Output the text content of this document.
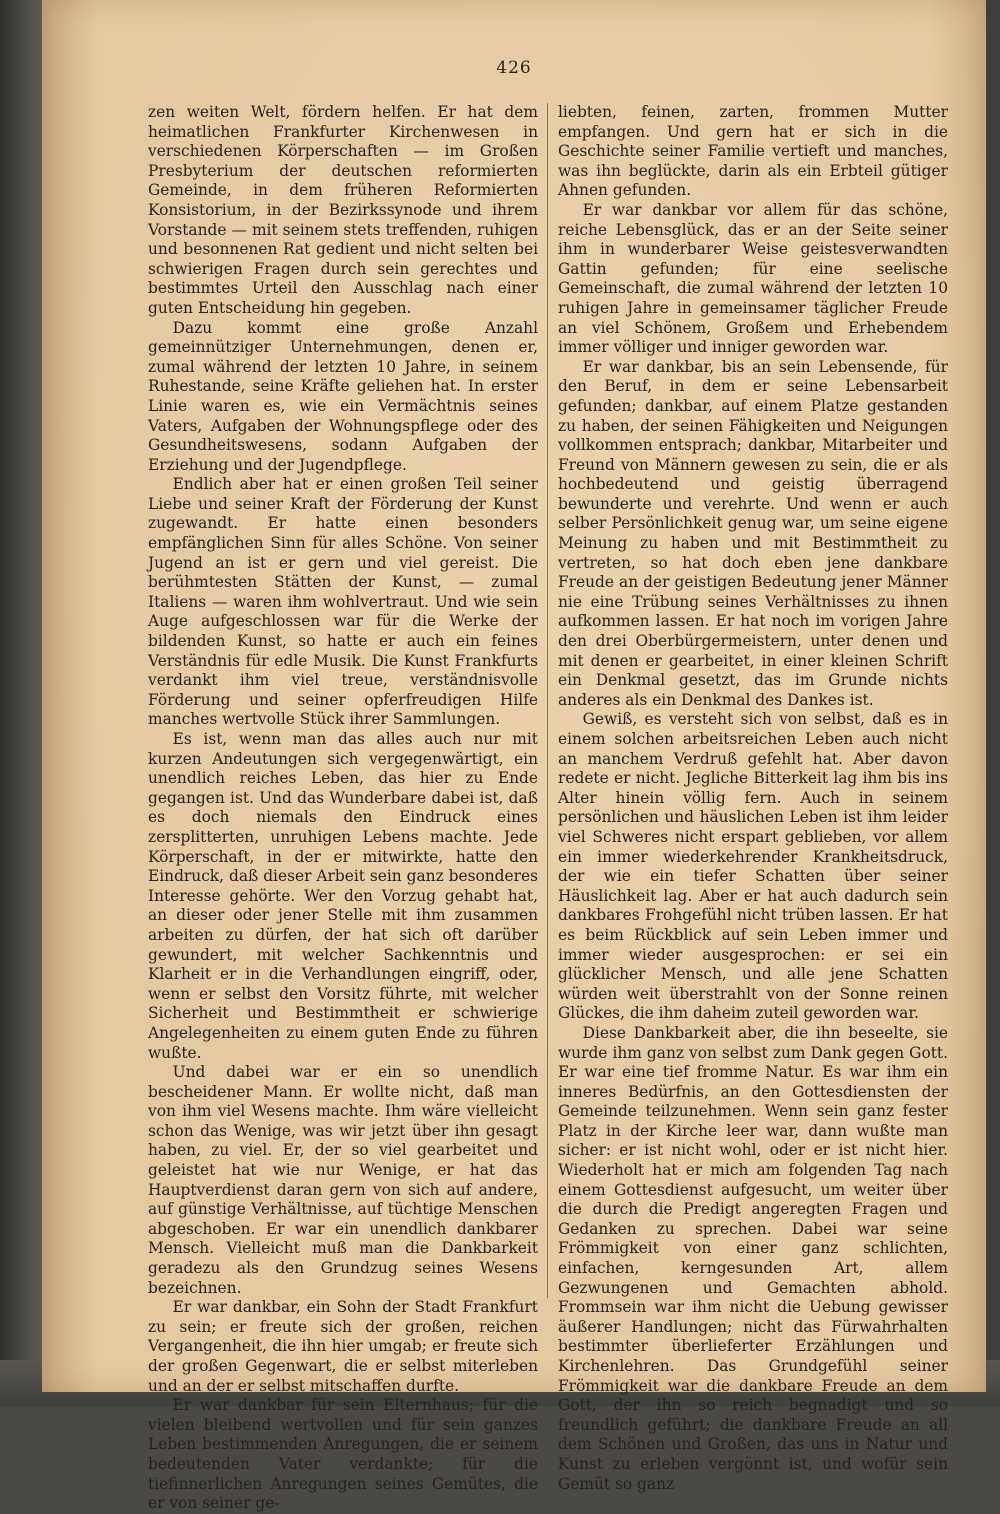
426

zen weiten Welt, fördern helfen. Er hat dem heimatlichen Frankfurter Kirchenwesen in verschiedenen Körperschaften — im Großen Presbyterium der deutschen reformierten Gemeinde, in dem früheren Reformierten Konsistorium, in der Bezirkssynode und ihrem Vorstande — mit seinem stets treffenden, ruhigen und besonnenen Rat gedient und nicht selten bei schwierigen Fragen durch sein gerechtes und bestimmtes Urteil den Ausschlag nach einer guten Entscheidung hin gegeben.

Dazu kommt eine große Anzahl gemeinnütziger Unternehmungen, denen er, zumal während der letzten 10 Jahre, in seinem Ruhestande, seine Kräfte geliehen hat. In erster Linie waren es, wie ein Vermächtnis seines Vaters, Aufgaben der Wohnungspflege oder des Gesundheitswesens, sodann Aufgaben der Erziehung und der Jugendpflege.

Endlich aber hat er einen großen Teil seiner Liebe und seiner Kraft der Förderung der Kunst zugewandt. Er hatte einen besonders empfänglichen Sinn für alles Schöne. Von seiner Jugend an ist er gern und viel gereist. Die berühmtesten Stätten der Kunst, — zumal Italiens — waren ihm wohlvertraut. Und wie sein Auge aufgeschlossen war für die Werke der bildenden Kunst, so hatte er auch ein feines Verständnis für edle Musik. Die Kunst Frankfurts verdankt ihm viel treue, verständnisvolle Förderung und seiner opferfreudigen Hilfe manches wertvolle Stück ihrer Sammlungen.

Es ist, wenn man das alles auch nur mit kurzen Andeutungen sich vergegenwärtigt, ein unendlich reiches Leben, das hier zu Ende gegangen ist. Und das Wunderbare dabei ist, daß es doch niemals den Eindruck eines zersplitterten, unruhigen Lebens machte. Jede Körperschaft, in der er mitwirkte, hatte den Eindruck, daß dieser Arbeit sein ganz besonderes Interesse gehörte. Wer den Vorzug gehabt hat, an dieser oder jener Stelle mit ihm zusammen arbeiten zu dürfen, der hat sich oft darüber gewundert, mit welcher Sachkenntnis und Klarheit er in die Verhandlungen eingriff, oder, wenn er selbst den Vorsitz führte, mit welcher Sicherheit und Bestimmtheit er schwierige Angelegenheiten zu einem guten Ende zu führen wußte.

Und dabei war er ein so unendlich bescheidener Mann. Er wollte nicht, daß man von ihm viel Wesens machte. Ihm wäre vielleicht schon das Wenige, was wir jetzt über ihn gesagt haben, zu viel. Er, der so viel gearbeitet und geleistet hat wie nur Wenige, er hat das Hauptverdienst daran gern von sich auf andere, auf günstige Verhältnisse, auf tüchtige Menschen abgeschoben. Er war ein unendlich dankbarer Mensch. Vielleicht muß man die Dankbarkeit geradezu als den Grundzug seines Wesens bezeichnen.

Er war dankbar, ein Sohn der Stadt Frankfurt zu sein; er freute sich der großen, reichen Vergangenheit, die ihn hier umgab; er freute sich der großen Gegenwart, die er selbst miterleben und an der er selbst mitschaffen durfte.

Er war dankbar für sein Elternhaus; für die vielen bleibend wertvollen und für sein ganzes Leben bestimmenden Anregungen, die er seinem bedeutenden Vater verdankte; für die tiefinnerlichen Anregungen seines Gemütes, die er von seiner ge-

liebten, feinen, zarten, frommen Mutter empfangen. Und gern hat er sich in die Geschichte seiner Familie vertieft und manches, was ihn beglückte, darin als ein Erbteil gütiger Ahnen gefunden.

Er war dankbar vor allem für das schöne, reiche Lebensglück, das er an der Seite seiner ihm in wunderbarer Weise geistesverwandten Gattin gefunden; für eine seelische Gemeinschaft, die zumal während der letzten 10 ruhigen Jahre in gemeinsamer täglicher Freude an viel Schönem, Großem und Erhebendem immer völliger und inniger geworden war.

Er war dankbar, bis an sein Lebensende, für den Beruf, in dem er seine Lebensarbeit gefunden; dankbar, auf einem Platze gestanden zu haben, der seinen Fähigkeiten und Neigungen vollkommen entsprach; dankbar, Mitarbeiter und Freund von Männern gewesen zu sein, die er als hochbedeutend und geistig überragend bewunderte und verehrte. Und wenn er auch selber Persönlichkeit genug war, um seine eigene Meinung zu haben und mit Bestimmtheit zu vertreten, so hat doch eben jene dankbare Freude an der geistigen Bedeutung jener Männer nie eine Trübung seines Verhältnisses zu ihnen aufkommen lassen. Er hat noch im vorigen Jahre den drei Oberbürgermeistern, unter denen und mit denen er gearbeitet, in einer kleinen Schrift ein Denkmal gesetzt, das im Grunde nichts anderes als ein Denkmal des Dankes ist.

Gewiß, es versteht sich von selbst, daß es in einem solchen arbeitsreichen Leben auch nicht an manchem Verdruß gefehlt hat. Aber davon redete er nicht. Jegliche Bitterkeit lag ihm bis ins Alter hinein völlig fern. Auch in seinem persönlichen und häuslichen Leben ist ihm leider viel Schweres nicht erspart geblieben, vor allem ein immer wiederkehrender Krankheitsdruck, der wie ein tiefer Schatten über seiner Häuslichkeit lag. Aber er hat auch dadurch sein dankbares Frohgefühl nicht trüben lassen. Er hat es beim Rückblick auf sein Leben immer und immer wieder ausgesprochen: er sei ein glücklicher Mensch, und alle jene Schatten würden weit überstrahlt von der Sonne reinen Glückes, die ihm daheim zuteil geworden war.

Diese Dankbarkeit aber, die ihn beseelte, sie wurde ihm ganz von selbst zum Dank gegen Gott. Er war eine tief fromme Natur. Es war ihm ein inneres Bedürfnis, an den Gottesdiensten der Gemeinde teilzunehmen. Wenn sein ganz fester Platz in der Kirche leer war, dann wußte man sicher: er ist nicht wohl, oder er ist nicht hier. Wiederholt hat er mich am folgenden Tag nach einem Gottesdienst aufgesucht, um weiter über die durch die Predigt angeregten Fragen und Gedanken zu sprechen. Dabei war seine Frömmigkeit von einer ganz schlichten, einfachen, kerngesunden Art, allem Gezwungenen und Gemachten abhold. Frommsein war ihm nicht die Uebung gewisser äußerer Handlungen; nicht das Fürwahrhalten bestimmter überlieferter Erzählungen und Kirchenlehren. Das Grundgefühl seiner Frömmigkeit war die dankbare Freude an dem Gott, der ihn so reich begnadigt und so freundlich geführt; die dankbare Freude an all dem Schönen und Großen, das uns in Natur und Kunst zu erleben vergönnt ist, und wofür sein Gemüt so ganz
